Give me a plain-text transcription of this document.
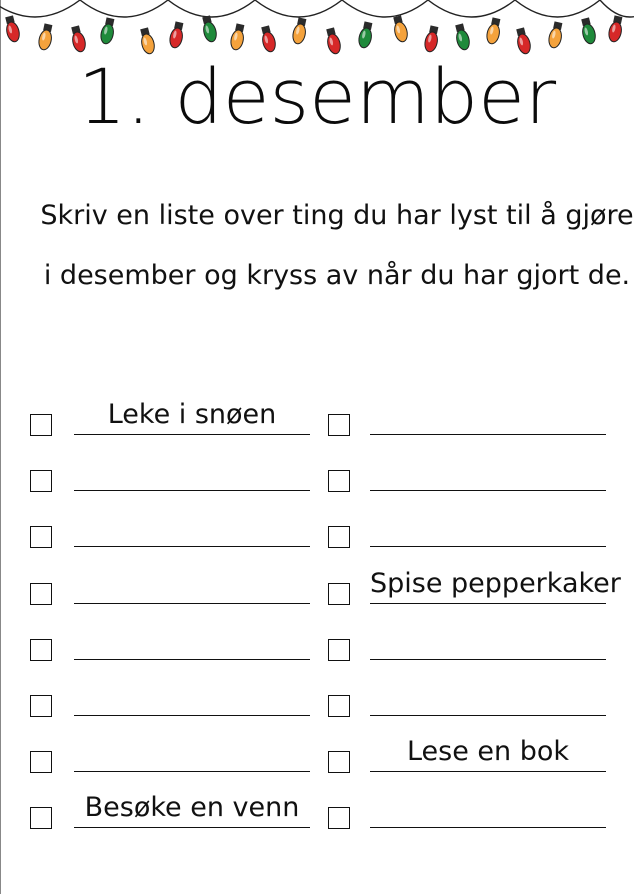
1. desember
Skriv en liste over ting du har lyst til å gjøre
i desember og kryss av når du har gjort de.
Leke i snøen
Besøke en venn
Spise pepperkaker
Lese en bok
